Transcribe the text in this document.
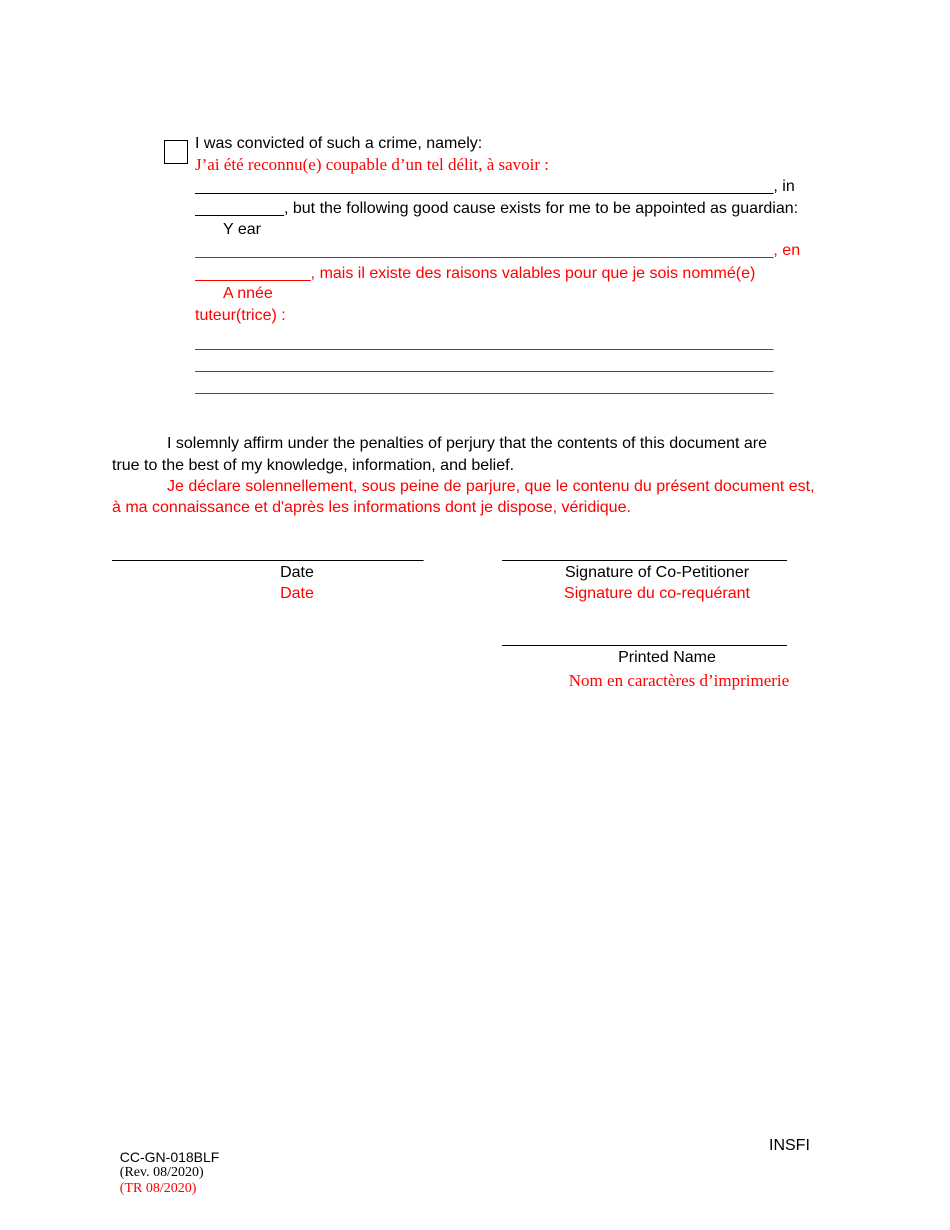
I was convicted of such a crime, namely:
J’ai été reconnu(e) coupable d’un tel délit, à savoir :
_________________________________________________________________, in
__________, but the following good cause exists for me to be appointed as guardian:
Y ear
_________________________________________________________________, en
_____________, mais il existe des raisons valables pour que je sois nommé(e)
A nnée
tuteur(trice) :
_________________________________________________________________
_________________________________________________________________
_________________________________________________________________
I solemnly affirm under the penalties of perjury that the contents of this document are
true to the best of my knowledge, information, and belief.
Je déclare solennellement, sous peine de parjure, que le contenu du présent document est,
à ma connaissance et d'après les informations dont je dispose, véridique.
___________________________________
Date
Date
________________________________
Signature of Co-Petitioner
Signature du co-requérant
________________________________
Printed Name
Nom en caractères d’imprimerie

CC-GN-018BLF
(Rev. 08/2020)
(TR 08/2020)

INSFI
